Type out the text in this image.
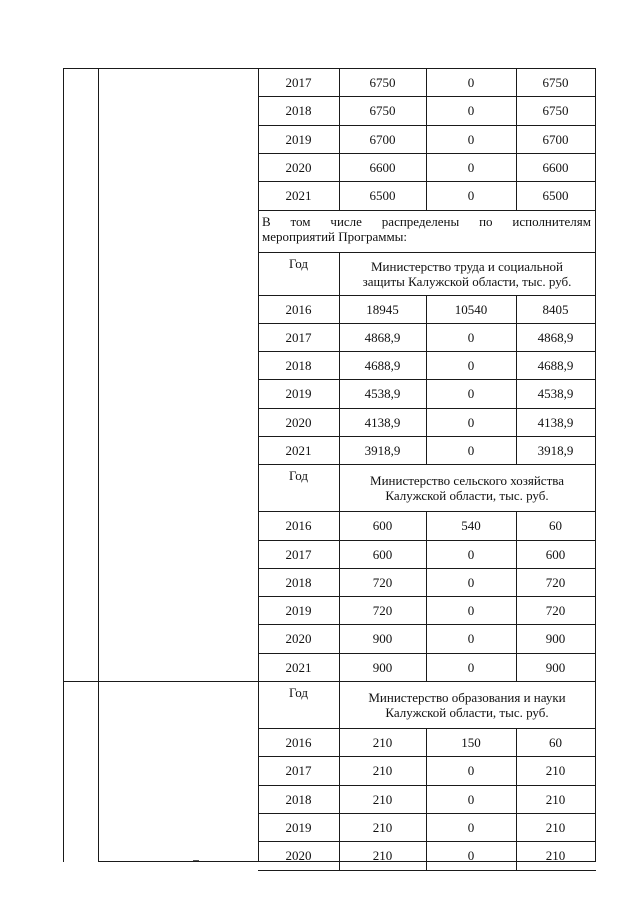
2017	6750	0	6750
2018	6750	0	6750
2019	6700	0	6700
2020	6600	0	6600
2021	6500	0	6500
В том числе распределены по исполнителям
мероприятий Программы:
Год	Министерство труда и социальной
защиты Калужской области, тыс. руб.
2016	18945	10540	8405
2017	4868,9	0	4868,9
2018	4688,9	0	4688,9
2019	4538,9	0	4538,9
2020	4138,9	0	4138,9
2021	3918,9	0	3918,9
Год	Министерство сельского хозяйства
Калужской области, тыс. руб.
2016	600	540	60
2017	600	0	600
2018	720	0	720
2019	720	0	720
2020	900	0	900
2021	900	0	900
Год	Министерство образования и науки
Калужской области, тыс. руб.
2016	210	150	60
2017	210	0	210
2018	210	0	210
2019	210	0	210
2020	210	0	210
